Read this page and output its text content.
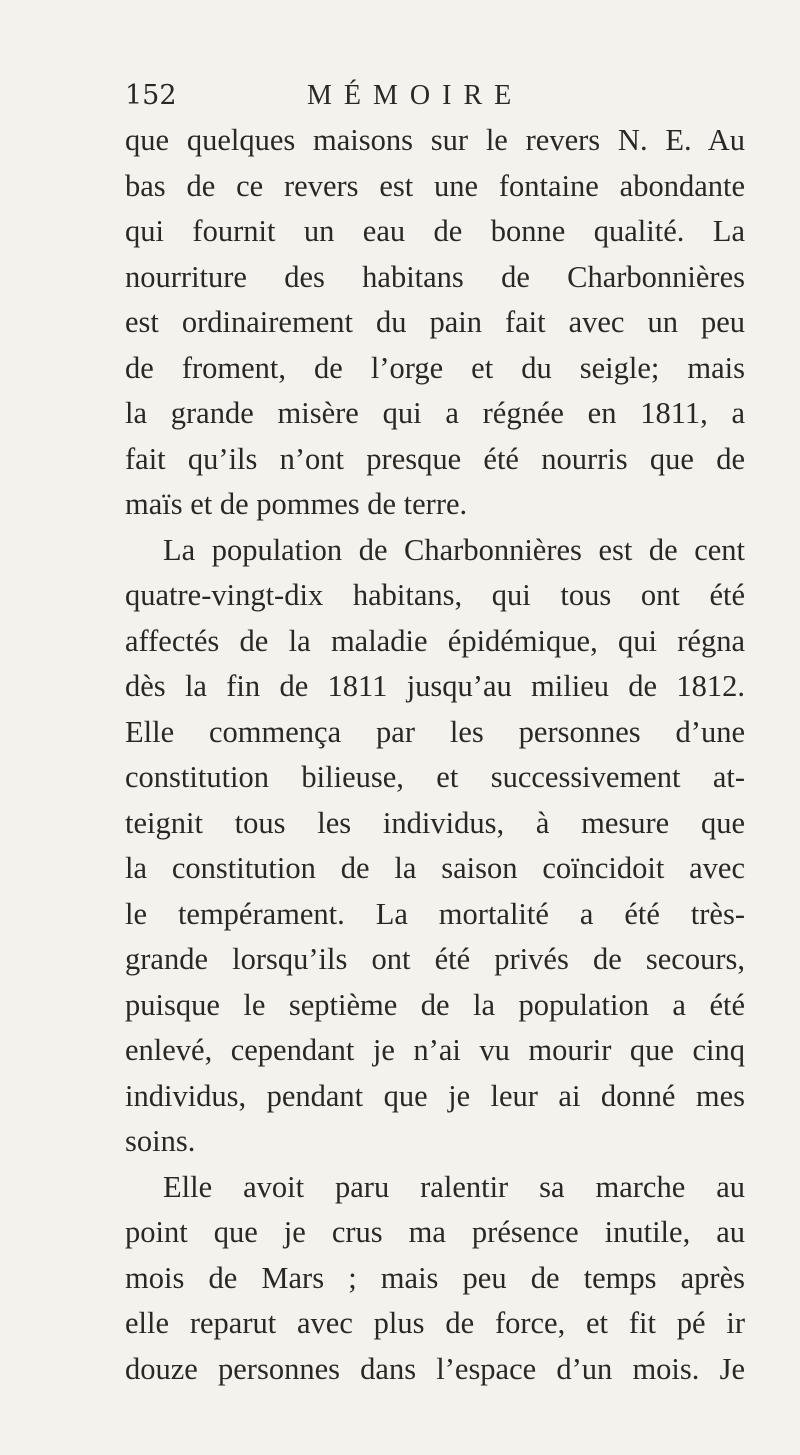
152	MÉMOIRE
que quelques maisons sur le revers N. E. Au
bas de ce revers est une fontaine abondante
qui fournit un eau de bonne qualité. La
nourriture des habitans de Charbonnières
est ordinairement du pain fait avec un peu
de froment, de l’orge et du seigle; mais
la grande misère qui a régnée en 1811, a
fait qu’ils n’ont presque été nourris que de
maïs et de pommes de terre.
La population de Charbonnières est de cent
quatre-vingt-dix habitans, qui tous ont été
affectés de la maladie épidémique, qui régna
dès la fin de 1811 jusqu’au milieu de 1812.
Elle commença par les personnes d’une
constitution bilieuse, et successivement at-
teignit tous les individus, à mesure que
la constitution de la saison coïncidoit avec
le tempérament. La mortalité a été très-
grande lorsqu’ils ont été privés de secours,
puisque le septième de la population a été
enlevé, cependant je n’ai vu mourir que cinq
individus, pendant que je leur ai donné mes
soins.
Elle avoit paru ralentir sa marche au
point que je crus ma présence inutile, au
mois de Mars ; mais peu de temps après
elle reparut avec plus de force, et fit pé ir
douze personnes dans l’espace d’un mois. Je
